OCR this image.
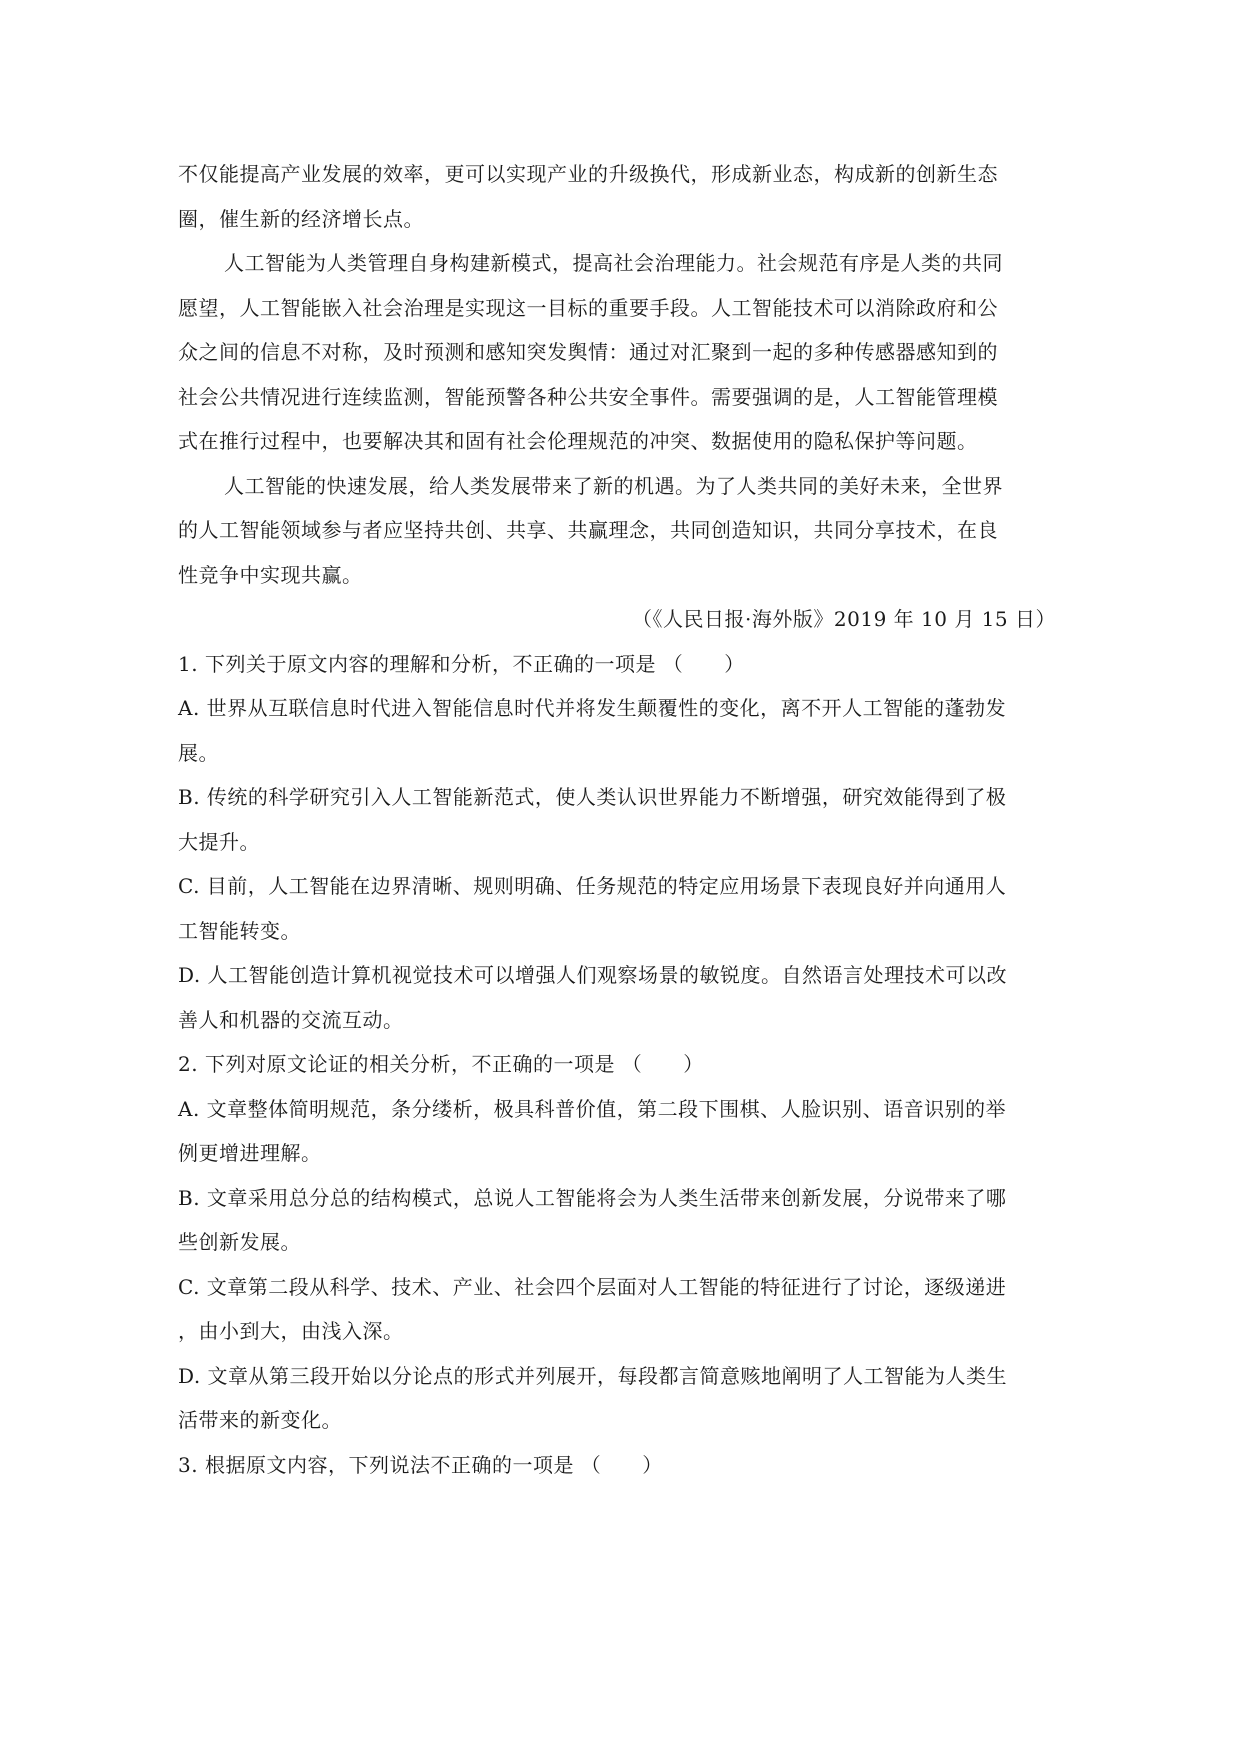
不仅能提高产业发展的效率，更可以实现产业的升级换代，形成新业态，构成新的创新生态
圈，催生新的经济增长点。
人工智能为人类管理自身构建新模式，提高社会治理能力。社会规范有序是人类的共同
愿望，人工智能嵌入社会治理是实现这一目标的重要手段。人工智能技术可以消除政府和公
众之间的信息不对称，及时预测和感知突发舆情：通过对汇聚到一起的多种传感器感知到的
社会公共情况进行连续监测，智能预警各种公共安全事件。需要强调的是，人工智能管理模
式在推行过程中，也要解决其和固有社会伦理规范的冲突、数据使用的隐私保护等问题。
人工智能的快速发展，给人类发展带来了新的机遇。为了人类共同的美好未来，全世界
的人工智能领域参与者应坚持共创、共享、共赢理念，共同创造知识，共同分享技术，在良
性竞争中实现共赢。
（《人民日报·海外版》2019 年 10 月 15 日）
1. 下列关于原文内容的理解和分析，不正确的一项是 （　　）
A. 世界从互联信息时代进入智能信息时代并将发生颠覆性的变化，离不开人工智能的蓬勃发
展。
B. 传统的科学研究引入人工智能新范式，使人类认识世界能力不断增强，研究效能得到了极
大提升。
C. 目前，人工智能在边界清晰、规则明确、任务规范的特定应用场景下表现良好并向通用人
工智能转变。
D. 人工智能创造计算机视觉技术可以增强人们观察场景的敏锐度。自然语言处理技术可以改
善人和机器的交流互动。
2. 下列对原文论证的相关分析，不正确的一项是 （　　）
A. 文章整体简明规范，条分缕析，极具科普价值，第二段下围棋、人脸识别、语音识别的举
例更增进理解。
B. 文章采用总分总的结构模式，总说人工智能将会为人类生活带来创新发展，分说带来了哪
些创新发展。
C. 文章第二段从科学、技术、产业、社会四个层面对人工智能的特征进行了讨论，逐级递进
，由小到大，由浅入深。
D. 文章从第三段开始以分论点的形式并列展开，每段都言简意赅地阐明了人工智能为人类生
活带来的新变化。
3. 根据原文内容，下列说法不正确的一项是 （　　）
